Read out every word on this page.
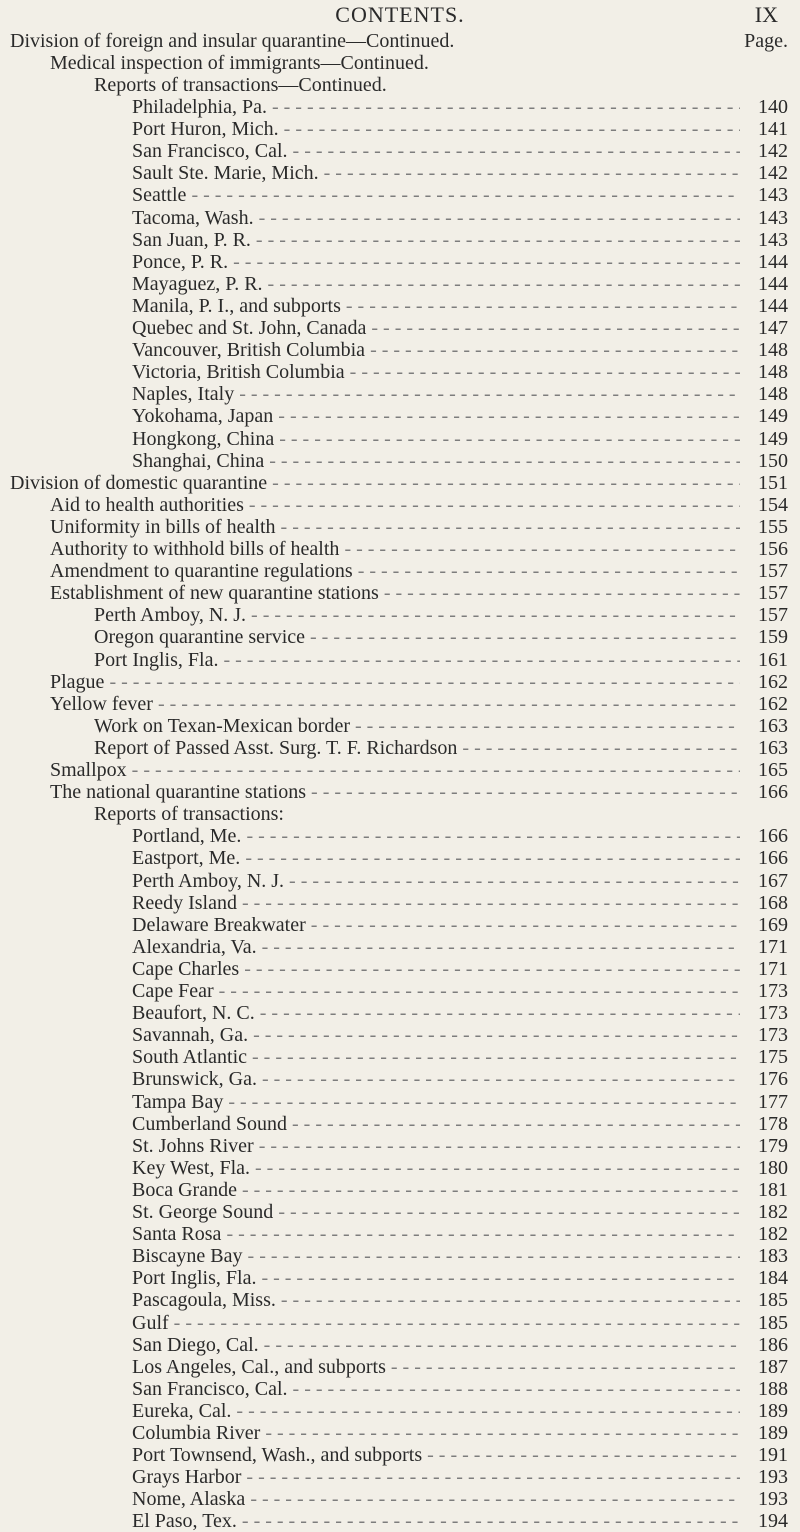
CONTENTS.	IX
Division of foreign and insular quarantine—Continued.	Page.
Medical inspection of immigrants—Continued.
Reports of transactions—Continued.
Philadelphia, Pa. - - -	140
Port Huron, Mich. - - -	141
San Francisco, Cal. - - -	142
Sault Ste. Marie, Mich. - - -	142
Seattle - - -	143
Tacoma, Wash. - - -	143
San Juan, P. R. - - -	143
Ponce, P. R. - - -	144
Mayaguez, P. R. - - -	144
Manila, P. I., and subports - - -	144
Quebec and St. John, Canada - - -	147
Vancouver, British Columbia - - -	148
Victoria, British Columbia - - -	148
Naples, Italy - - -	148
Yokohama, Japan - - -	149
Hongkong, China - - -	149
Shanghai, China - - -	150
Division of domestic quarantine - - -	151
Aid to health authorities - - -	154
Uniformity in bills of health - - -	155
Authority to withhold bills of health - - -	156
Amendment to quarantine regulations - - -	157
Establishment of new quarantine stations - - -	157
Perth Amboy, N. J. - - -	157
Oregon quarantine service - - -	159
Port Inglis, Fla. - - -	161
Plague - - -	162
Yellow fever - - -	162
Work on Texan-Mexican border - - -	163
Report of Passed Asst. Surg. T. F. Richardson - - -	163
Smallpox - - -	165
The national quarantine stations - - -	166
Reports of transactions:
Portland, Me. - - -	166
Eastport, Me. - - -	166
Perth Amboy, N. J. - - -	167
Reedy Island - - -	168
Delaware Breakwater - - -	169
Alexandria, Va. - - -	171
Cape Charles - - -	171
Cape Fear - - -	173
Beaufort, N. C. - - -	173
Savannah, Ga. - - -	173
South Atlantic - - -	175
Brunswick, Ga. - - -	176
Tampa Bay - - -	177
Cumberland Sound - - -	178
St. Johns River - - -	179
Key West, Fla. - - -	180
Boca Grande - - -	181
St. George Sound - - -	182
Santa Rosa - - -	182
Biscayne Bay - - -	183
Port Inglis, Fla. - - -	184
Pascagoula, Miss. - - -	185
Gulf - - -	185
San Diego, Cal. - - -	186
Los Angeles, Cal., and subports - - -	187
San Francisco, Cal. - - -	188
Eureka, Cal. - - -	189
Columbia River - - -	189
Port Townsend, Wash., and subports - - -	191
Grays Harbor - - -	193
Nome, Alaska - - -	193
El Paso, Tex. - - -	194
